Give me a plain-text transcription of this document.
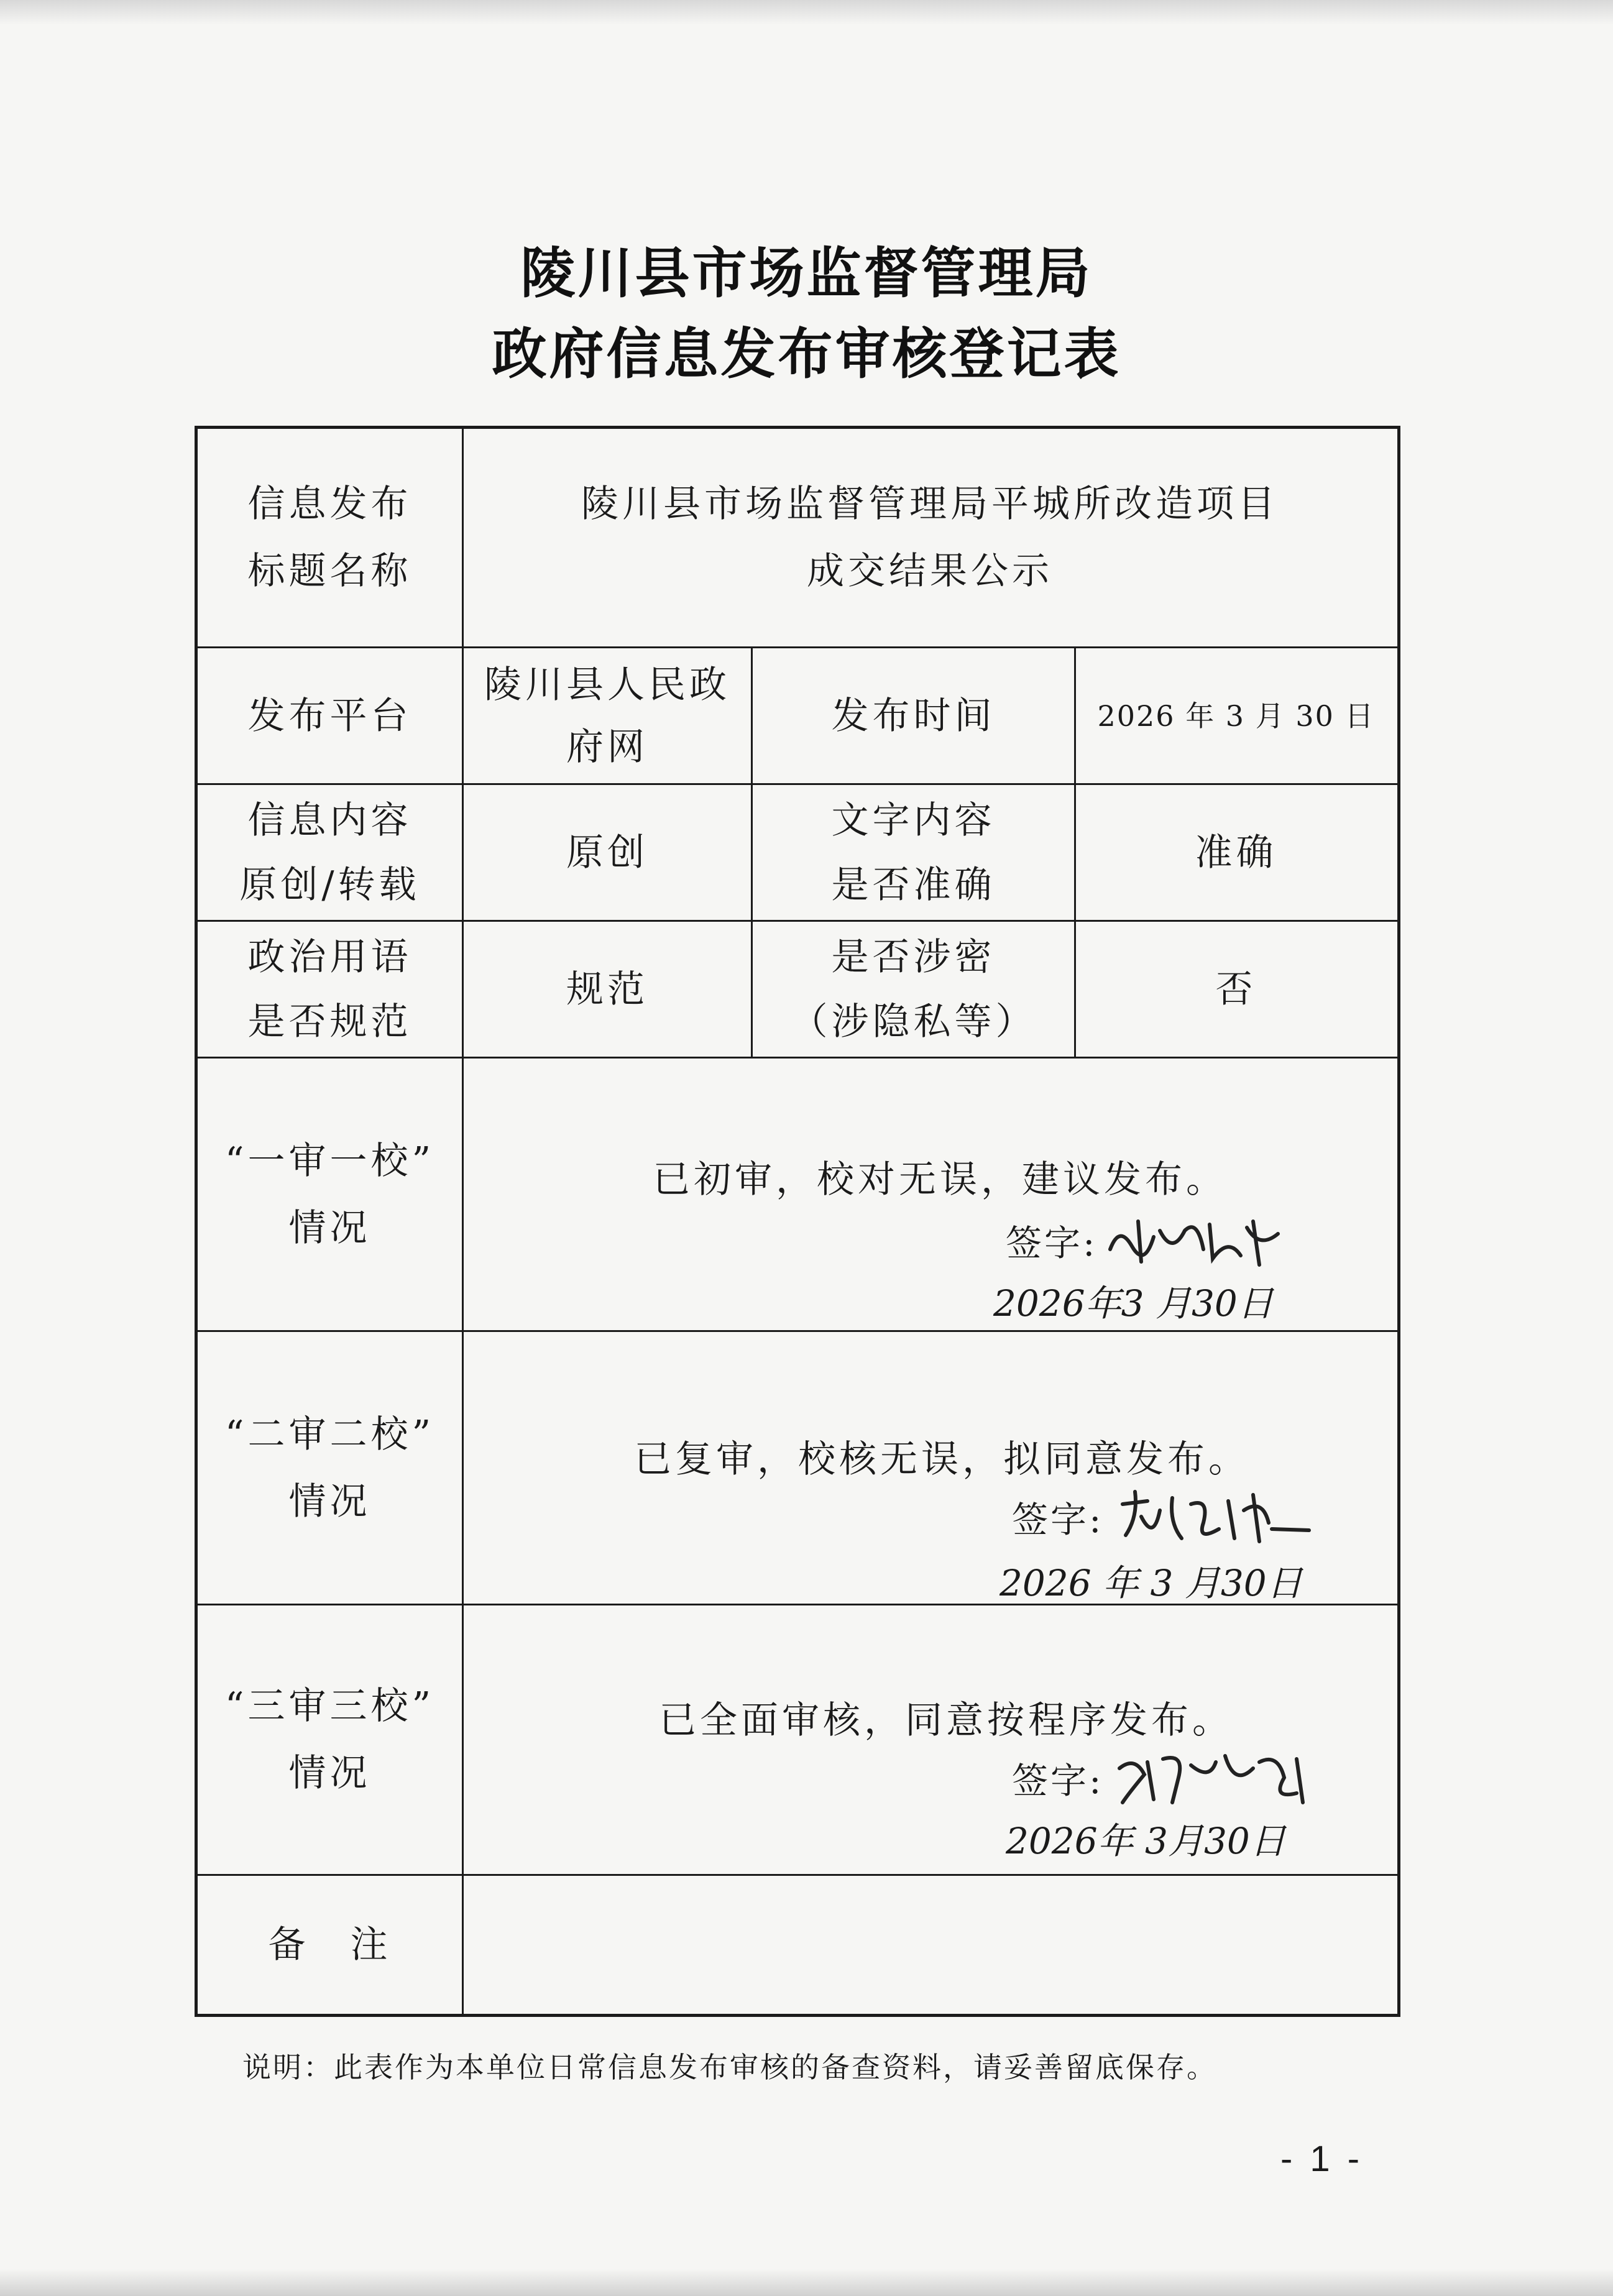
陵川县市场监督管理局
政府信息发布审核登记表
信息发布
标题名称
陵川县市场监督管理局平城所改造项目
成交结果公示
发布平台
陵川县人民政
府网
发布时间	2026 年 3 月 30 日
信息内容
原创/转载
原创
文字内容
是否准确
准确
政治用语
是否规范
规范
是否涉密
（涉隐私等）
否
“一审一校”
情况
已初审，校对无误，建议发布。
签字:
2026年3 月30日
“二审二校”
情况
已复审，校核无误，拟同意发布。
签字:
2026 年 3 月30日
“三审三校”
情况
已全面审核，同意按程序发布。
签字:
2026年 3月30日
备　注
说明：此表作为本单位日常信息发布审核的备查资料，请妥善留底保存。
- 1 -
